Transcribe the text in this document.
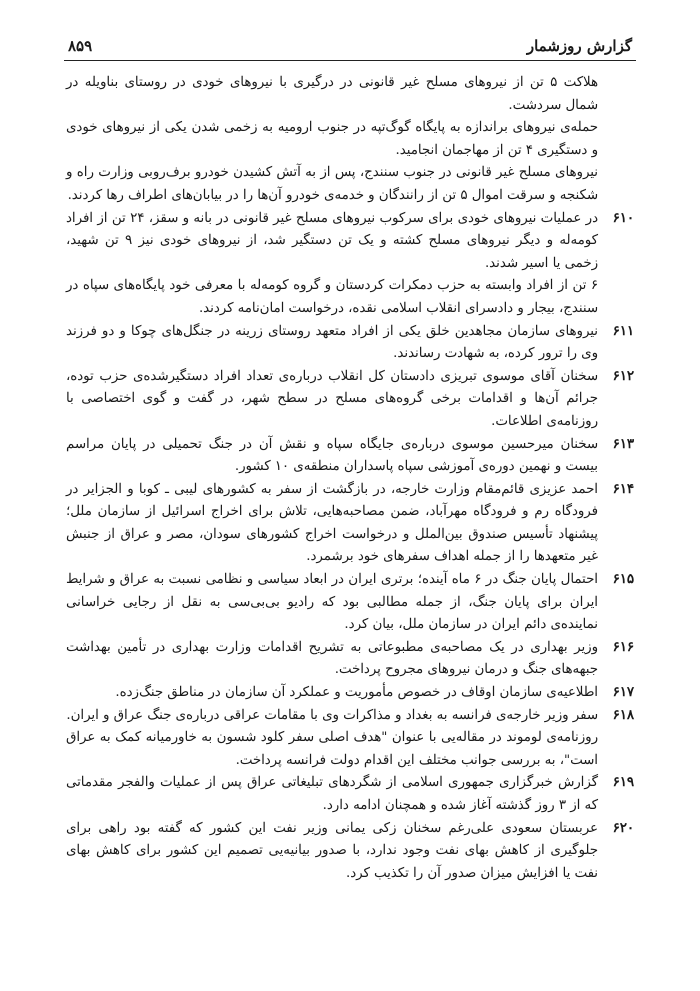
گزارش روزشمار
۸۵۹

هلاکت ۵ تن از نیروهای مسلح غیر قانونی در درگیری با نیروهای خودی در روستای بناویله در شمال سردشت.

حمله‌ی نیروهای براندازه به پایگاه گوگ‌تپه در جنوب ارومیه به زخمی شدن یکی از نیروهای خودی و دستگیری ۴ تن از مهاجمان انجامید.

نیروهای مسلح غیر قانونی در جنوب سنندج، پس از به آتش کشیدن خودرو برف‌روبی وزارت راه و شکنجه و سرقت اموال ۵ تن از رانندگان و خدمه‌ی خودرو آن‌ها را در بیابان‌های اطراف رها کردند.

۶۱۰
در عملیات نیروهای خودی برای سرکوب نیروهای مسلح غیر قانونی در بانه و سقز، ۲۴ تن از افراد کومه‌له و دیگر نیروهای مسلح کشته و یک تن دستگیر شد، از نیروهای خودی نیز ۹ تن شهید، زخمی یا اسیر شدند.

۶ تن از افراد وابسته به حزب دمکرات کردستان و گروه کومه‌له با معرفی خود پایگاه‌های سپاه در سنندج، بیجار و دادسرای انقلاب اسلامی نقده، درخواست امان‌نامه کردند.

۶۱۱
نیروهای سازمان مجاهدین خلق یکی از افراد متعهد روستای زرینه در جنگل‌های چوکا و دو فرزند وی را ترور کرده، به شهادت رساندند.

۶۱۲
سخنان آقای موسوی تبریزی دادستان کل انقلاب درباره‌ی تعداد افراد دستگیرشده‌ی حزب توده، جرائم آن‌ها و اقدامات برخی گروه‌های مسلح در سطح شهر، در گفت و گوی اختصاصی با روزنامه‌ی اطلاعات.

۶۱۳
سخنان میرحسین موسوی درباره‌ی جایگاه سپاه و نقش آن در جنگ تحمیلی در پایان مراسم بیست و نهمین دوره‌ی آموزشی سپاه پاسداران منطقه‌ی ۱۰ کشور.

۶۱۴
احمد عزیزی قائم‌مقام وزارت خارجه، در بازگشت از سفر به کشورهای لیبی ـ کوبا و الجزایر در فرودگاه رم و فرودگاه مهرآباد، ضمن مصاحبه‌هایی، تلاش برای اخراج اسرائیل از سازمان ملل؛ پیشنهاد تأسیس صندوق بین‌الملل و درخواست اخراج کشورهای سودان، مصر و عراق از جنبش غیر متعهدها را از جمله اهداف سفرهای خود برشمرد.

۶۱۵
احتمال پایان جنگ در ۶ ماه آینده؛ برتری ایران در ابعاد سیاسی و نظامی نسبت به عراق و شرایط ایران برای پایان جنگ، از جمله مطالبی بود که رادیو بی‌بی‌سی به نقل از رجایی خراسانی نماینده‌ی دائم ایران در سازمان ملل، بیان کرد.

۶۱۶
وزیر بهداری در یک مصاحبه‌ی مطبوعاتی به تشریح اقدامات وزارت بهداری در تأمین بهداشت جبهه‌های جنگ و درمان نیروهای مجروح پرداخت.

۶۱۷
اطلاعیه‌ی سازمان اوقاف در خصوص مأموریت و عملکرد آن سازمان در مناطق جنگ‌زده.

۶۱۸
سفر وزیر خارجه‌ی فرانسه به بغداد و مذاکرات وی با مقامات عراقی درباره‌ی جنگ عراق و ایران.

روزنامه‌ی لوموند در مقاله‌یی با عنوان "هدف اصلی سفر کلود شسون به خاورمیانه کمک به عراق است"، به بررسی جوانب مختلف این اقدام دولت فرانسه پرداخت.

۶۱۹
گزارش خبرگزاری جمهوری اسلامی از شگردهای تبلیغاتی عراق پس از عملیات والفجر مقدماتی که از ۳ روز گذشته آغاز شده و همچنان ادامه دارد.

۶۲۰
عربستان سعودی علی‌رغم سخنان زکی یمانی وزیر نفت این کشور که گفته بود راهی برای جلوگیری از کاهش بهای نفت وجود ندارد، با صدور بیانیه‌یی تصمیم این کشور برای کاهش بهای نفت یا افزایش میزان صدور آن را تکذیب کرد.
